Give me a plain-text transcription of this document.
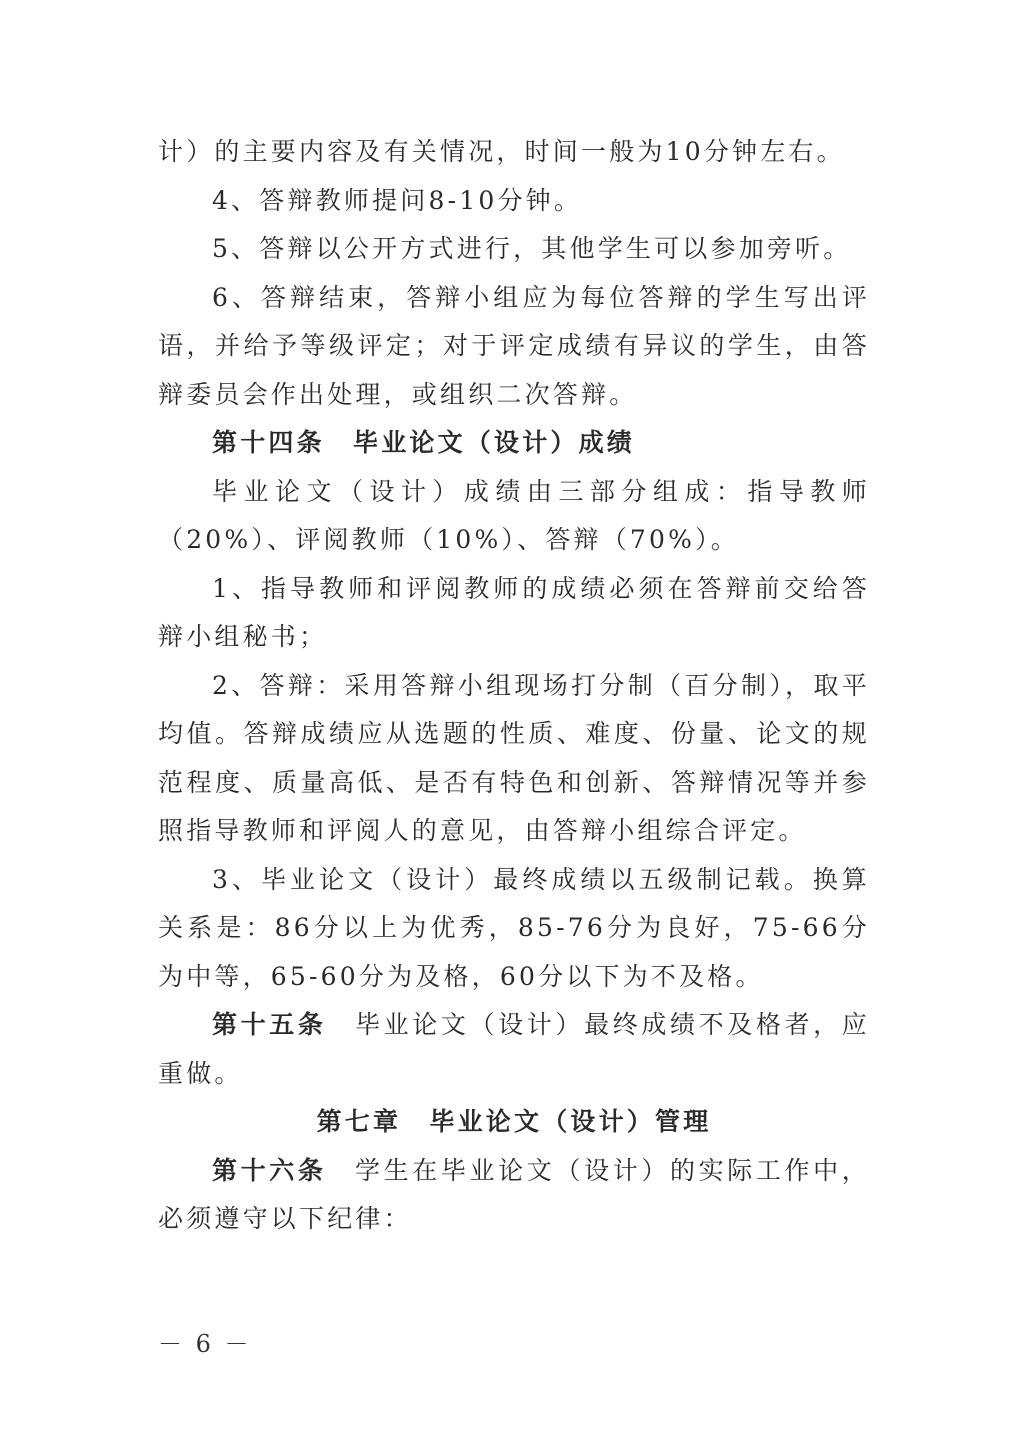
计）的主要内容及有关情况，时间一般为10分钟左右。

4、答辩教师提问8-10分钟。

5、答辩以公开方式进行，其他学生可以参加旁听。

6、答辩结束，答辩小组应为每位答辩的学生写出评语，并给予等级评定；对于评定成绩有异议的学生，由答辩委员会作出处理，或组织二次答辩。

第十四条　毕业论文（设计）成绩

毕业论文（设计）成绩由三部分组成：指导教师（20%）、评阅教师（10%）、答辩（70%）。

1、指导教师和评阅教师的成绩必须在答辩前交给答辩小组秘书；

2、答辩：采用答辩小组现场打分制（百分制），取平均值。答辩成绩应从选题的性质、难度、份量、论文的规范程度、质量高低、是否有特色和创新、答辩情况等并参照指导教师和评阅人的意见，由答辩小组综合评定。

3、毕业论文（设计）最终成绩以五级制记载。换算关系是：86分以上为优秀，85-76分为良好，75-66分为中等，65-60分为及格，60分以下为不及格。

第十五条 毕业论文（设计）最终成绩不及格者，应重做。

第七章　毕业论文（设计）管理

第十六条 学生在毕业论文（设计）的实际工作中，必须遵守以下纪律：

－ 6 －
